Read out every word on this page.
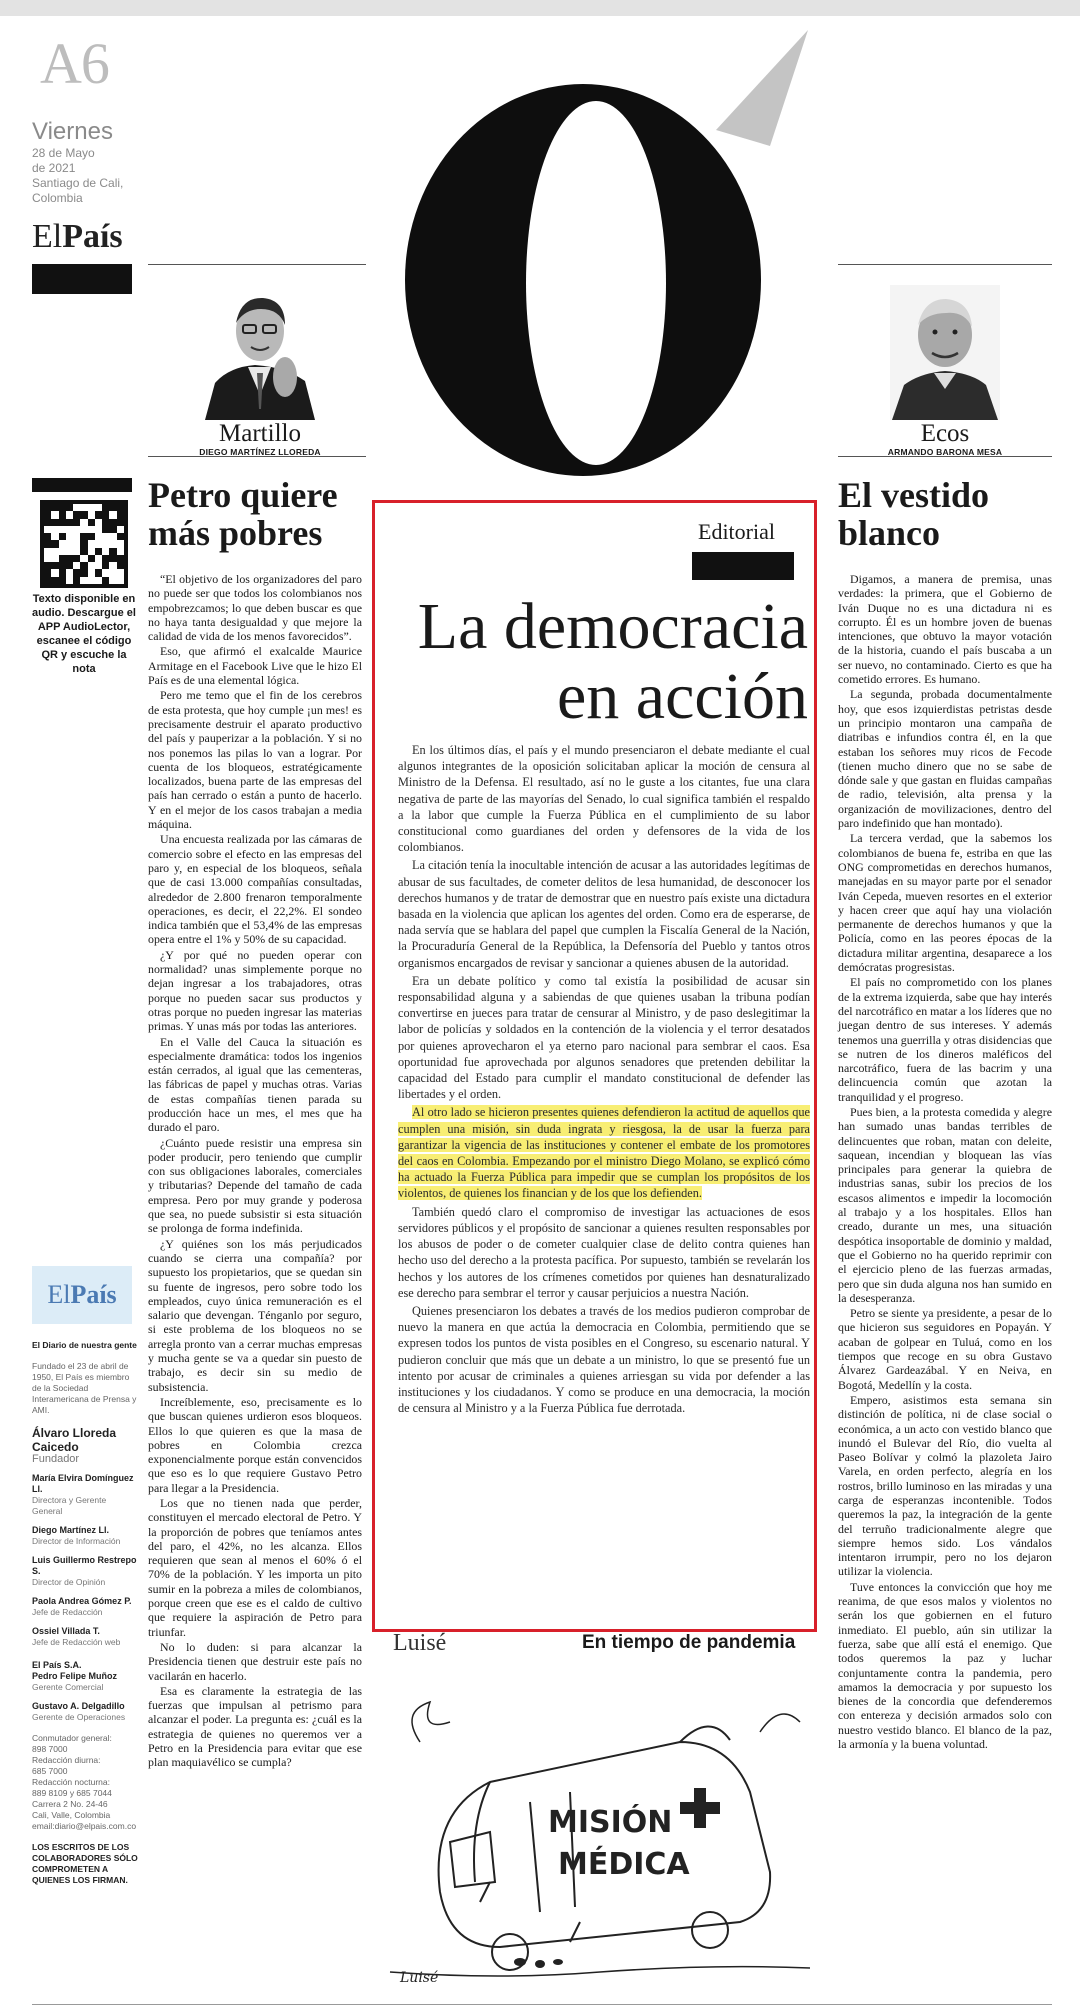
A6
Viernes
28 de Mayo
de 2021
Santiago de Cali,
Colombia
ElPaís
Texto disponible en audio. Descargue el APP AudioLector, escanee el código QR y escuche la nota
El País
El Diario de nuestra gente
Fundado el 23 de abril de 1950, El País es miembro de la Sociedad Interamericana de Prensa y AMI.
Álvaro Lloreda Caicedo
Fundador
María Elvira Domínguez Ll.
Directora y Gerente General
Diego Martínez Ll.
Director de Información
Luis Guillermo Restrepo S.
Director de Opinión
Paola Andrea Gómez P.
Jefe de Redacción
Ossiel Villada T.
Jefe de Redacción web
El País S.A.
Pedro Felipe Muñoz
Gerente Comercial
Gustavo A. Delgadillo
Gerente de Operaciones
Conmutador general:
898 7000
Redacción diurna:
685 7000
Redacción nocturna:
889 8109 y 685 7044
Carrera 2 No. 24-46
Cali, Valle, Colombia
email:diario@elpais.com.co
LOS ESCRITOS DE LOS COLABORADORES SÓLO COMPROMETEN A QUIENES LOS FIRMAN.
Martillo
DIEGO MARTÍNEZ LLOREDA
Ecos
ARMANDO BARONA MESA
Petro quiere más pobres

“El objetivo de los organizadores del paro no puede ser que todos los colombianos nos empobrezcamos; lo que deben buscar es que no haya tanta desigualdad y que mejore la calidad de vida de los menos favorecidos”.

Eso, que afirmó el exalcalde Maurice Armitage en el Facebook Live que le hizo El País es de una elemental lógica.

Pero me temo que el fin de los cerebros de esta protesta, que hoy cumple ¡un mes! es precisamente destruir el aparato productivo del país y pauperizar a la población. Y si no nos ponemos las pilas lo van a lograr. Por cuenta de los bloqueos, estratégicamente localizados, buena parte de las empresas del país han cerrado o están a punto de hacerlo. Y en el mejor de los casos trabajan a media máquina.

Una encuesta realizada por las cámaras de comercio sobre el efecto en las empresas del paro y, en especial de los bloqueos, señala que de casi 13.000 compañías consultadas, alrededor de 2.800 frenaron temporalmente operaciones, es decir, el 22,2%. El sondeo indica también que el 53,4% de las empresas opera entre el 1% y 50% de su capacidad.

¿Y por qué no pueden operar con normalidad? unas simplemente porque no dejan ingresar a los trabajadores, otras porque no pueden sacar sus productos y otras porque no pueden ingresar las materias primas. Y unas más por todas las anteriores.

En el Valle del Cauca la situación es especialmente dramática: todos los ingenios están cerrados, al igual que las cementeras, las fábricas de papel y muchas otras. Varias de estas compañías tienen parada su producción hace un mes, el mes que ha durado el paro.

¿Cuánto puede resistir una empresa sin poder producir, pero teniendo que cumplir con sus obligaciones laborales, comerciales y tributarias? Depende del tamaño de cada empresa. Pero por muy grande y poderosa que sea, no puede subsistir si esta situación se prolonga de forma indefinida.

¿Y quiénes son los más perjudicados cuando se cierra una compañía? por supuesto los propietarios, que se quedan sin su fuente de ingresos, pero sobre todo los empleados, cuyo única remuneración es el salario que devengan. Ténganlo por seguro, si este problema de los bloqueos no se arregla pronto van a cerrar muchas empresas y mucha gente se va a quedar sin puesto de trabajo, es decir sin su medio de subsistencia.

Increíblemente, eso, precisamente es lo que buscan quienes urdieron esos bloqueos. Ellos lo que quieren es que la masa de pobres en Colombia crezca exponencialmente porque están convencidos que eso es lo que requiere Gustavo Petro para llegar a la Presidencia.

Los que no tienen nada que perder, constituyen el mercado electoral de Petro. Y la proporción de pobres que teníamos antes del paro, el 42%, no les alcanza. Ellos requieren que sean al menos el 60% ó el 70% de la población. Y les importa un pito sumir en la pobreza a miles de colombianos, porque creen que ese es el caldo de cultivo que requiere la aspiración de Petro para triunfar.

No lo duden: si para alcanzar la Presidencia tienen que destruir este país no vacilarán en hacerlo.

Esa es claramente la estrategia de las fuerzas que impulsan al petrismo para alcanzar el poder. La pregunta es: ¿cuál es la estrategia de quienes no queremos ver a Petro en la Presidencia para evitar que ese plan maquiavélico se cumpla?

Editorial
La democracia
en acción

En los últimos días, el país y el mundo presenciaron el debate mediante el cual algunos integrantes de la oposición solicitaban aplicar la moción de censura al Ministro de la Defensa. El resultado, así no le guste a los citantes, fue una clara negativa de parte de las mayorías del Senado, lo cual significa también el respaldo a la labor que cumple la Fuerza Pública en el cumplimiento de su labor constitucional como guardianes del orden y defensores de la vida de los colombianos.

La citación tenía la inocultable intención de acusar a las autoridades legítimas de abusar de sus facultades, de cometer delitos de lesa humanidad, de desconocer los derechos humanos y de tratar de demostrar que en nuestro país existe una dictadura basada en la violencia que aplican los agentes del orden. Como era de esperarse, de nada servía que se hablara del papel que cumplen la Fiscalía General de la Nación, la Procuraduría General de la República, la Defensoría del Pueblo y tantos otros organismos encargados de revisar y sancionar a quienes abusen de la autoridad.

Era un debate político y como tal existía la posibilidad de acusar sin responsabilidad alguna y a sabiendas de que quienes usaban la tribuna podían convertirse en jueces para tratar de censurar al Ministro, y de paso deslegitimar la labor de policías y soldados en la contención de la violencia y el terror desatados por quienes aprovecharon el ya eterno paro nacional para sembrar el caos. Esa oportunidad fue aprovechada por algunos senadores que pretenden debilitar la capacidad del Estado para cumplir el mandato constitucional de defender las libertades y el orden.

Al otro lado se hicieron presentes quienes defendieron la actitud de aquellos que cumplen una misión, sin duda ingrata y riesgosa, la de usar la fuerza para garantizar la vigencia de las instituciones y contener el embate de los promotores del caos en Colombia. Empezando por el ministro Diego Molano, se explicó cómo ha actuado la Fuerza Pública para impedir que se cumplan los propósitos de los violentos, de quienes los financian y de los que los defienden.

También quedó claro el compromiso de investigar las actuaciones de esos servidores públicos y el propósito de sancionar a quienes resulten responsables por los abusos de poder o de cometer cualquier clase de delito contra quienes han hecho uso del derecho a la protesta pacífica. Por supuesto, también se revelarán los hechos y los autores de los crímenes cometidos por quienes han desnaturalizado ese derecho para sembrar el terror y causar perjuicios a nuestra Nación.

Quienes presenciaron los debates a través de los medios pudieron comprobar de nuevo la manera en que actúa la democracia en Colombia, permitiendo que se expresen todos los puntos de vista posibles en el Congreso, su escenario natural. Y pudieron concluir que más que un debate a un ministro, lo que se presentó fue un intento por acusar de criminales a quienes arriesgan su vida por defender a las instituciones y los ciudadanos. Y como se produce en una democracia, la moción de censura al Ministro y a la Fuerza Pública fue derrotada.

Luisé	En tiempo de pandemia
MISIÓN
MÉDICA
Luisé
El vestido blanco

Digamos, a manera de premisa, unas verdades: la primera, que el Gobierno de Iván Duque no es una dictadura ni es corrupto. Él es un hombre joven de buenas intenciones, que obtuvo la mayor votación de la historia, cuando el país buscaba a un ser nuevo, no contaminado. Cierto es que ha cometido errores. Es humano.

La segunda, probada documentalmente hoy, que esos izquierdistas petristas desde un principio montaron una campaña de diatribas e infundios contra él, en la que estaban los señores muy ricos de Fecode (tienen mucho dinero que no se sabe de dónde sale y que gastan en fluidas campañas de radio, televisión, alta prensa y la organización de movilizaciones, dentro del paro indefinido que han montado).

La tercera verdad, que la sabemos los colombianos de buena fe, estriba en que las ONG comprometidas en derechos humanos, manejadas en su mayor parte por el senador Iván Cepeda, mueven resortes en el exterior y hacen creer que aquí hay una violación permanente de derechos humanos y que la Policía, como en las peores épocas de la dictadura militar argentina, desaparece a los demócratas progresistas.

El país no comprometido con los planes de la extrema izquierda, sabe que hay interés del narcotráfico en matar a los líderes que no juegan dentro de sus intereses. Y además tenemos una guerrilla y otras disidencias que se nutren de los dineros maléficos del narcotráfico, fuera de las bacrim y una delincuencia común que azotan la tranquilidad y el progreso.

Pues bien, a la protesta comedida y alegre han sumado unas bandas terribles de delincuentes que roban, matan con deleite, saquean, incendian y bloquean las vías principales para generar la quiebra de industrias sanas, subir los precios de los escasos alimentos e impedir la locomoción al trabajo y a los hospitales. Ellos han creado, durante un mes, una situación despótica insoportable de dominio y maldad, que el Gobierno no ha querido reprimir con el ejercicio pleno de las fuerzas armadas, pero que sin duda alguna nos han sumido en la desesperanza.

Petro se siente ya presidente, a pesar de lo que hicieron sus seguidores en Popayán. Y acaban de golpear en Tuluá, como en los tiempos que recoge en su obra Gustavo Álvarez Gardeazábal. Y en Neiva, en Bogotá, Medellín y la costa.

Empero, asistimos esta semana sin distinción de política, ni de clase social o económica, a un acto con vestido blanco que inundó el Bulevar del Río, dio vuelta al Paseo Bolívar y colmó la plazoleta Jairo Varela, en orden perfecto, alegría en los rostros, brillo luminoso en las miradas y una carga de esperanzas incontenible. Todos queremos la paz, la integración de la gente del terruño tradicionalmente alegre que siempre hemos sido. Los vándalos intentaron irrumpir, pero no los dejaron utilizar la violencia.

Tuve entonces la convicción que hoy me reanima, de que esos malos y violentos no serán los que gobiernen en el futuro inmediato. El pueblo, aún sin utilizar la fuerza, sabe que allí está el enemigo. Que todos queremos la paz y luchar conjuntamente contra la pandemia, pero amamos la democracia y por supuesto los bienes de la concordia que defenderemos con entereza y decisión armados solo con nuestro vestido blanco. El blanco de la paz, la armonía y la buena voluntad.
